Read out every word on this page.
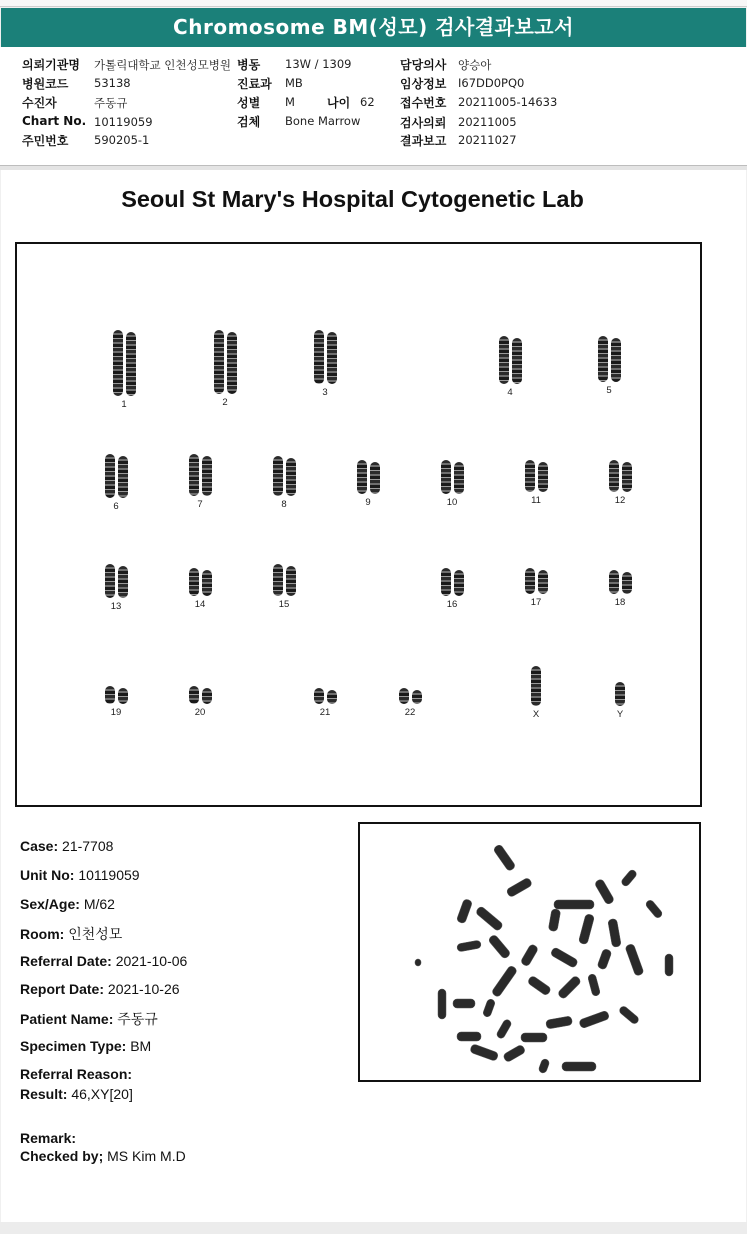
Chromosome BM(성모) 검사결과보고서
의뢰기관명 가톨릭대학교 인천성모병원 병동 13W / 1309	담당의사 양승아
병원코드 53138	진료과 MB	임상정보 I67DD0PQ0
수진자	주동규	성별 M	나이 62 접수번호 20211005-14633
Chart No. 10119059	검체 Bone Marrow	검사의뢰 20211005
주민번호 590205-1	결과보고 20211027
Seoul St Mary's Hospital Cytogenetic Lab
1	2
3	4	5
6	7	8	9	10	11	12
13	14	15	16	17	18
19	20	21	22	X	Y
Case: 21-7708
Unit No: 10119059
Sex/Age: M/62
Room: 인천성모
Referral Date: 2021-10-06
Report Date: 2021-10-26
Patient Name: 주동규
Specimen Type: BM
Referral Reason:
Result: 46,XY[20]
Remark:
Checked by; MS Kim M.D
